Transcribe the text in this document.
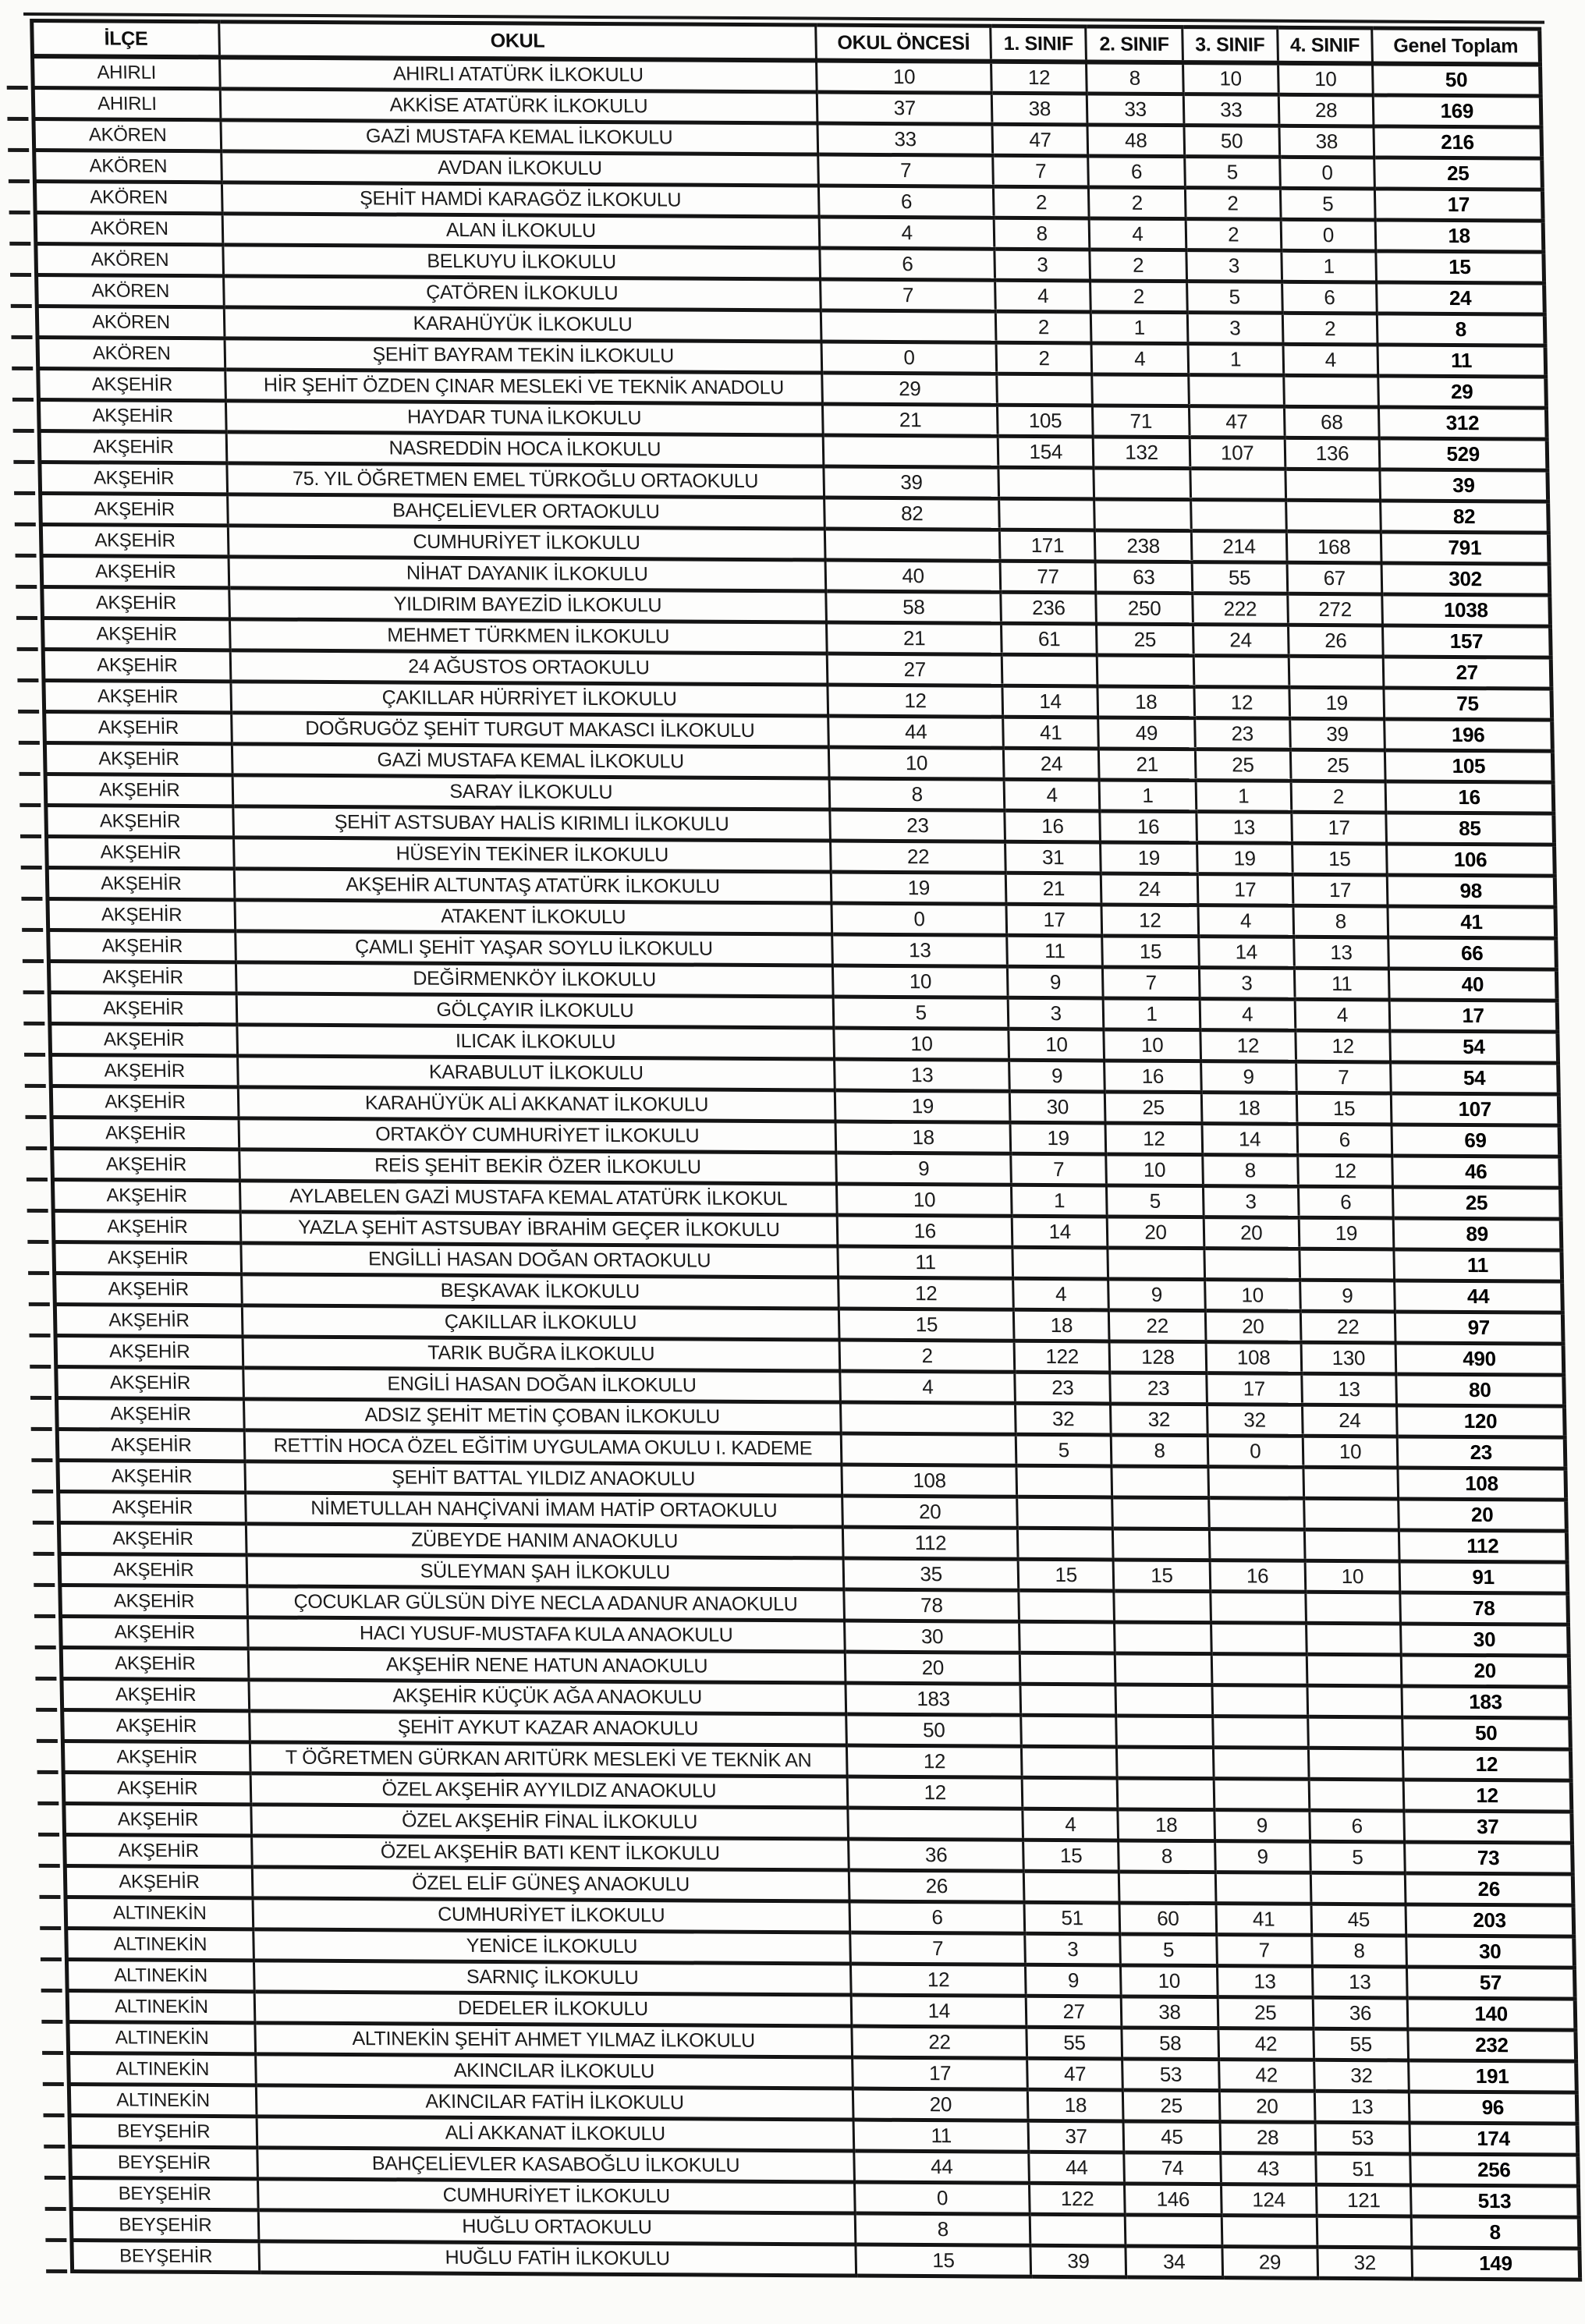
İLÇE	OKUL	OKUL ÖNCESİ	1. SINIF	2. SINIF	3. SINIF	4. SINIF	Genel Toplam
AHIRLI	AHIRLI ATATÜRK İLKOKULU	10	12	8	10	10	50
AHIRLI	AKKİSE ATATÜRK İLKOKULU	37	38	33	33	28	169
AKÖREN	GAZİ MUSTAFA KEMAL İLKOKULU	33	47	48	50	38	216
AKÖREN	AVDAN İLKOKULU	7	7	6	5	0	25
AKÖREN	ŞEHİT HAMDİ KARAGÖZ İLKOKULU	6	2	2	2	5	17
AKÖREN	ALAN İLKOKULU	4	8	4	2	0	18
AKÖREN	BELKUYU İLKOKULU	6	3	2	3	1	15
AKÖREN	ÇATÖREN İLKOKULU	7	4	2	5	6	24
AKÖREN	KARAHÜYÜK İLKOKULU		2	1	3	2	8
AKÖREN	ŞEHİT BAYRAM TEKİN İLKOKULU	0	2	4	1	4	11
AKŞEHİR	HİR ŞEHİT ÖZDEN ÇINAR MESLEKİ VE TEKNİK ANADOLU	29					29
AKŞEHİR	HAYDAR TUNA İLKOKULU	21	105	71	47	68	312
AKŞEHİR	NASREDDİN HOCA İLKOKULU		154	132	107	136	529
AKŞEHİR	75. YIL ÖĞRETMEN EMEL TÜRKOĞLU ORTAOKULU	39					39
AKŞEHİR	BAHÇELİEVLER ORTAOKULU	82					82
AKŞEHİR	CUMHURİYET İLKOKULU		171	238	214	168	791
AKŞEHİR	NİHAT DAYANIK İLKOKULU	40	77	63	55	67	302
AKŞEHİR	YILDIRIM BAYEZİD İLKOKULU	58	236	250	222	272	1038
AKŞEHİR	MEHMET TÜRKMEN İLKOKULU	21	61	25	24	26	157
AKŞEHİR	24 AĞUSTOS ORTAOKULU	27					27
AKŞEHİR	ÇAKILLAR HÜRRİYET İLKOKULU	12	14	18	12	19	75
AKŞEHİR	DOĞRUGÖZ ŞEHİT TURGUT MAKASCI İLKOKULU	44	41	49	23	39	196
AKŞEHİR	GAZİ MUSTAFA KEMAL İLKOKULU	10	24	21	25	25	105
AKŞEHİR	SARAY İLKOKULU	8	4	1	1	2	16
AKŞEHİR	ŞEHİT ASTSUBAY HALİS KIRIMLI İLKOKULU	23	16	16	13	17	85
AKŞEHİR	HÜSEYİN TEKİNER İLKOKULU	22	31	19	19	15	106
AKŞEHİR	AKŞEHİR ALTUNTAŞ ATATÜRK İLKOKULU	19	21	24	17	17	98
AKŞEHİR	ATAKENT İLKOKULU	0	17	12	4	8	41
AKŞEHİR	ÇAMLI ŞEHİT YAŞAR SOYLU İLKOKULU	13	11	15	14	13	66
AKŞEHİR	DEĞİRMENKÖY İLKOKULU	10	9	7	3	11	40
AKŞEHİR	GÖLÇAYIR İLKOKULU	5	3	1	4	4	17
AKŞEHİR	ILICAK İLKOKULU	10	10	10	12	12	54
AKŞEHİR	KARABULUT İLKOKULU	13	9	16	9	7	54
AKŞEHİR	KARAHÜYÜK ALİ AKKANAT İLKOKULU	19	30	25	18	15	107
AKŞEHİR	ORTAKÖY CUMHURİYET İLKOKULU	18	19	12	14	6	69
AKŞEHİR	REİS ŞEHİT BEKİR ÖZER İLKOKULU	9	7	10	8	12	46
AKŞEHİR	AYLABELEN GAZİ MUSTAFA KEMAL ATATÜRK İLKOKUL	10	1	5	3	6	25
AKŞEHİR	YAZLA ŞEHİT ASTSUBAY İBRAHİM GEÇER İLKOKULU	16	14	20	20	19	89
AKŞEHİR	ENGİLLİ HASAN DOĞAN ORTAOKULU	11					11
AKŞEHİR	BEŞKAVAK İLKOKULU	12	4	9	10	9	44
AKŞEHİR	ÇAKILLAR İLKOKULU	15	18	22	20	22	97
AKŞEHİR	TARIK BUĞRA İLKOKULU	2	122	128	108	130	490
AKŞEHİR	ENGİLİ HASAN DOĞAN İLKOKULU	4	23	23	17	13	80
AKŞEHİR	ADSIZ ŞEHİT METİN ÇOBAN İLKOKULU		32	32	32	24	120
AKŞEHİR	RETTİN HOCA ÖZEL EĞİTİM UYGULAMA OKULU I. KADEME		5	8	0	10	23
AKŞEHİR	ŞEHİT BATTAL YILDIZ ANAOKULU	108					108
AKŞEHİR	NİMETULLAH NAHÇİVANİ İMAM HATİP ORTAOKULU	20					20
AKŞEHİR	ZÜBEYDE HANIM ANAOKULU	112					112
AKŞEHİR	SÜLEYMAN ŞAH İLKOKULU	35	15	15	16	10	91
AKŞEHİR	ÇOCUKLAR GÜLSÜN DİYE NECLA ADANUR ANAOKULU	78					78
AKŞEHİR	HACI YUSUF-MUSTAFA KULA ANAOKULU	30					30
AKŞEHİR	AKŞEHİR NENE HATUN ANAOKULU	20					20
AKŞEHİR	AKŞEHİR KÜÇÜK AĞA ANAOKULU	183					183
AKŞEHİR	ŞEHİT AYKUT KAZAR ANAOKULU	50					50
AKŞEHİR	T ÖĞRETMEN GÜRKAN ARITÜRK MESLEKİ VE TEKNİK AN	12					12
AKŞEHİR	ÖZEL AKŞEHİR AYYILDIZ ANAOKULU	12					12
AKŞEHİR	ÖZEL AKŞEHİR FİNAL İLKOKULU		4	18	9	6	37
AKŞEHİR	ÖZEL AKŞEHİR BATI KENT İLKOKULU	36	15	8	9	5	73
AKŞEHİR	ÖZEL ELİF GÜNEŞ ANAOKULU	26					26
ALTINEKİN	CUMHURİYET İLKOKULU	6	51	60	41	45	203
ALTINEKİN	YENİCE İLKOKULU	7	3	5	7	8	30
ALTINEKİN	SARNIÇ İLKOKULU	12	9	10	13	13	57
ALTINEKİN	DEDELER İLKOKULU	14	27	38	25	36	140
ALTINEKİN	ALTINEKİN ŞEHİT AHMET YILMAZ İLKOKULU	22	55	58	42	55	232
ALTINEKİN	AKINCILAR İLKOKULU	17	47	53	42	32	191
ALTINEKİN	AKINCILAR FATİH İLKOKULU	20	18	25	20	13	96
BEYŞEHİR	ALİ AKKANAT İLKOKULU	11	37	45	28	53	174
BEYŞEHİR	BAHÇELİEVLER KASABOĞLU İLKOKULU	44	44	74	43	51	256
BEYŞEHİR	CUMHURİYET İLKOKULU	0	122	146	124	121	513
BEYŞEHİR	HUĞLU ORTAOKULU	8					8
BEYŞEHİR	HUĞLU FATİH İLKOKULU	15	39	34	29	32	149
